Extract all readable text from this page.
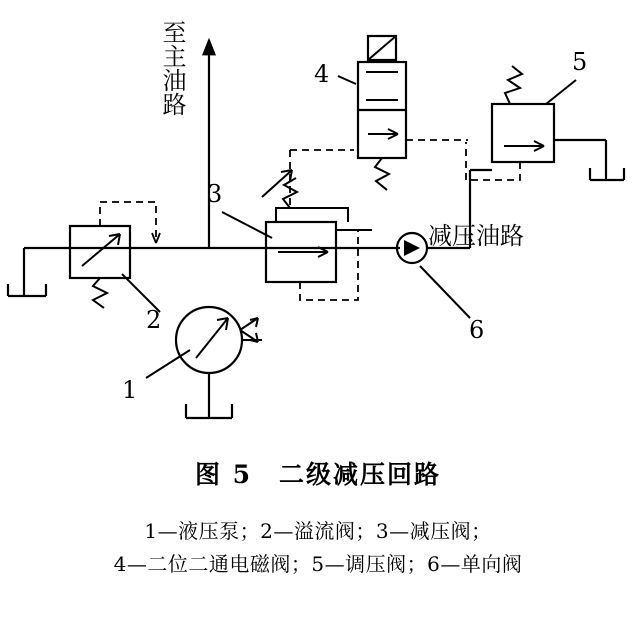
至主油路
减压油路
1
2
3
4	5
6

图 5　二级减压回路

1—液压泵；2—溢流阀；3—减压阀；
4—二位二通电磁阀；5—调压阀；6—单向阀
